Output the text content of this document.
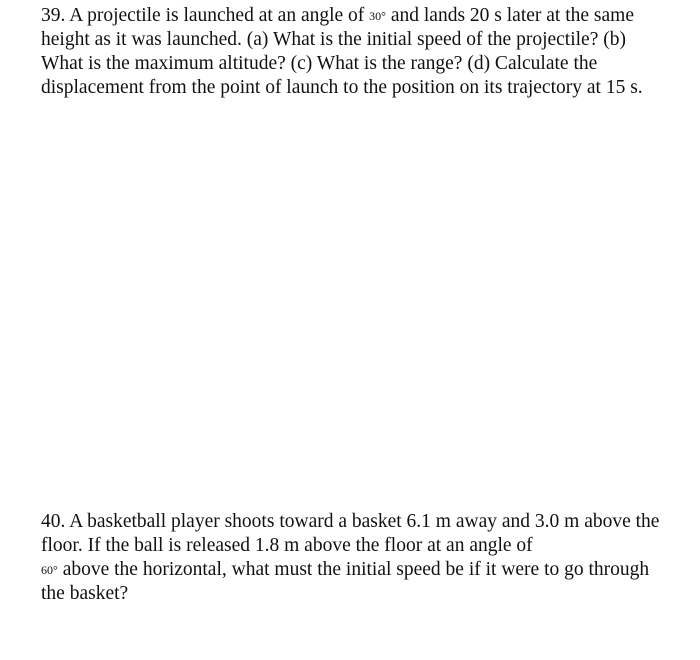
39. A projectile is launched at an angle of 30° and lands 20 s later at the same height as it was launched. (a) What is the initial speed of the projectile? (b) What is the maximum altitude? (c) What is the range? (d) Calculate the displacement from the point of launch to the position on its trajectory at 15 s.

40. A basketball player shoots toward a basket 6.1 m away and 3.0 m above the floor. If the ball is released 1.8 m above the floor at an angle of
60° above the horizontal, what must the initial speed be if it were to go through the basket?
